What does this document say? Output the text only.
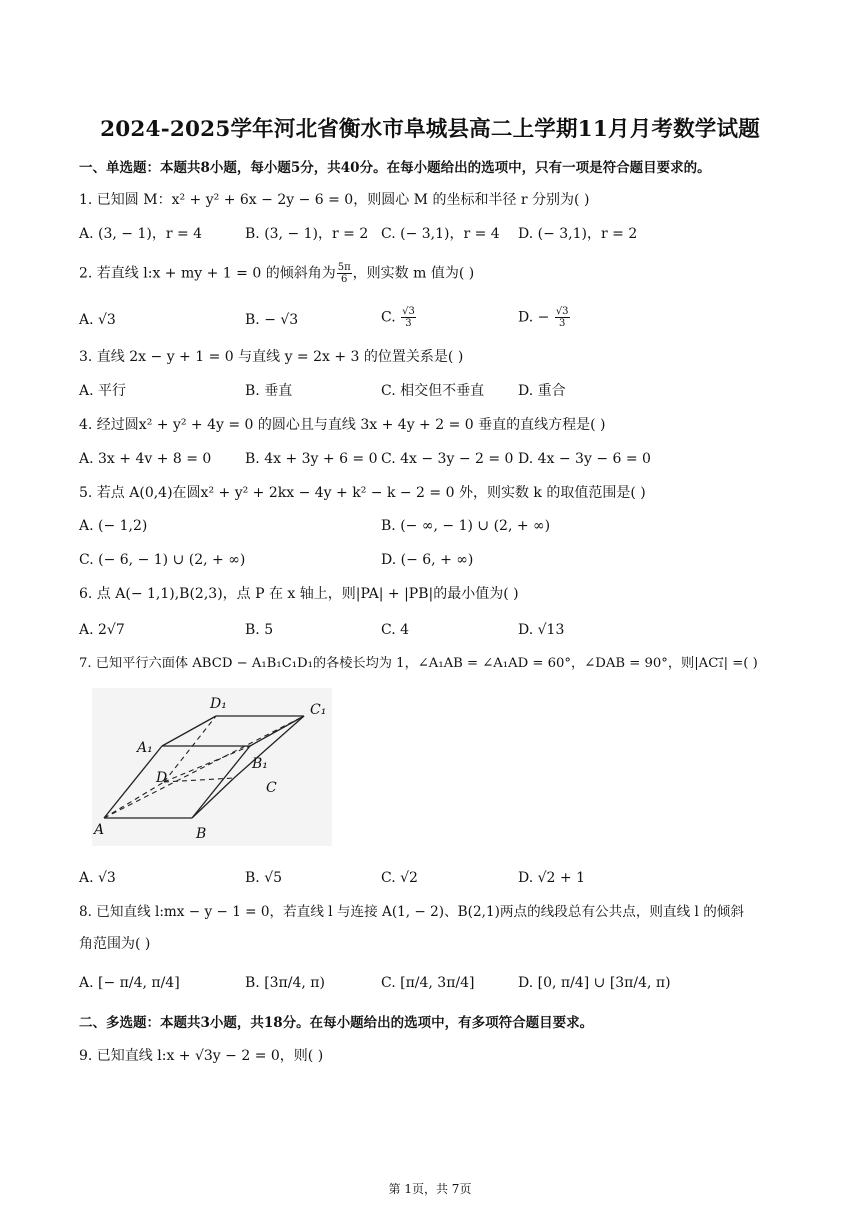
2024-2025学年河北省衡水市阜城县高二上学期11月月考数学试题
一、单选题：本题共8小题，每小题5分，共40分。在每小题给出的选项中，只有一项是符合题目要求的。
1. 已知圆 M：x² + y² + 6x − 2y − 6 = 0，则圆心 M 的坐标和半径 r 分别为( )
A. (3, − 1)，r = 4	B. (3, − 1)，r = 2 C. (− 3,1)，r = 4 D. (− 3,1)，r = 2
2. 若直线 l:x + my + 1 = 0 的倾斜角为 $\frac{5\pi}{6}$ ，则实数 m 值为( )
A. √3	B. − √3	C. $\frac{√3}{3}$	D. − $\frac{√3}{3}$
3. 直线 2x − y + 1 = 0 与直线 y = 2x + 3 的位置关系是( )
A. 平行	B. 垂直	C. 相交但不垂直 D. 重合
4. 经过圆x² + y² + 4y = 0 的圆心且与直线 3x + 4y + 2 = 0 垂直的直线方程是( )
A. 3x + 4v + 8 = 0 B. 4x + 3y + 6 = 0 C. 4x − 3y − 2 = 0 D. 4x − 3y − 6 = 0
5. 若点 A(0,4)在圆x² + y² + 2kx − 4y + k² − k − 2 = 0 外，则实数 k 的取值范围是( )
A. (− 1,2)	B. (− ∞, − 1) ∪ (2, + ∞)
C. (− 6, − 1) ∪ (2, + ∞)	D. (− 6, + ∞)
6. 点 A(− 1,1),B(2,3)，点 P 在 x 轴上，则|PA| + |PB|的最小值为( )
A. 2√7	B. 5	C. 4	D. √13
7. 已知平行六面体 ABCD − A₁B₁C₁D₁的各棱长均为 1，∠A₁AB = ∠A₁AD = 60°，∠DAB = 90°，则|AC₁⃗| =( )
A	B
C
D
A₁
B₁
C₁
D₁
A. √3	B. √5	C. √2	D. √2 + 1
8. 已知直线 l:mx − y − 1 = 0，若直线 l 与连接 A(1, − 2)、B(2,1)两点的线段总有公共点，则直线 l 的倾斜
角范围为( )
A. [− π/4, π/4]	B. [3π/4, π)	C. [π/4, 3π/4]	D. [0, π/4] ∪ [3π/4, π)
二、多选题：本题共3小题，共18分。在每小题给出的选项中，有多项符合题目要求。
9. 已知直线 l:x + √3y − 2 = 0，则( )
第 1页，共 7页
